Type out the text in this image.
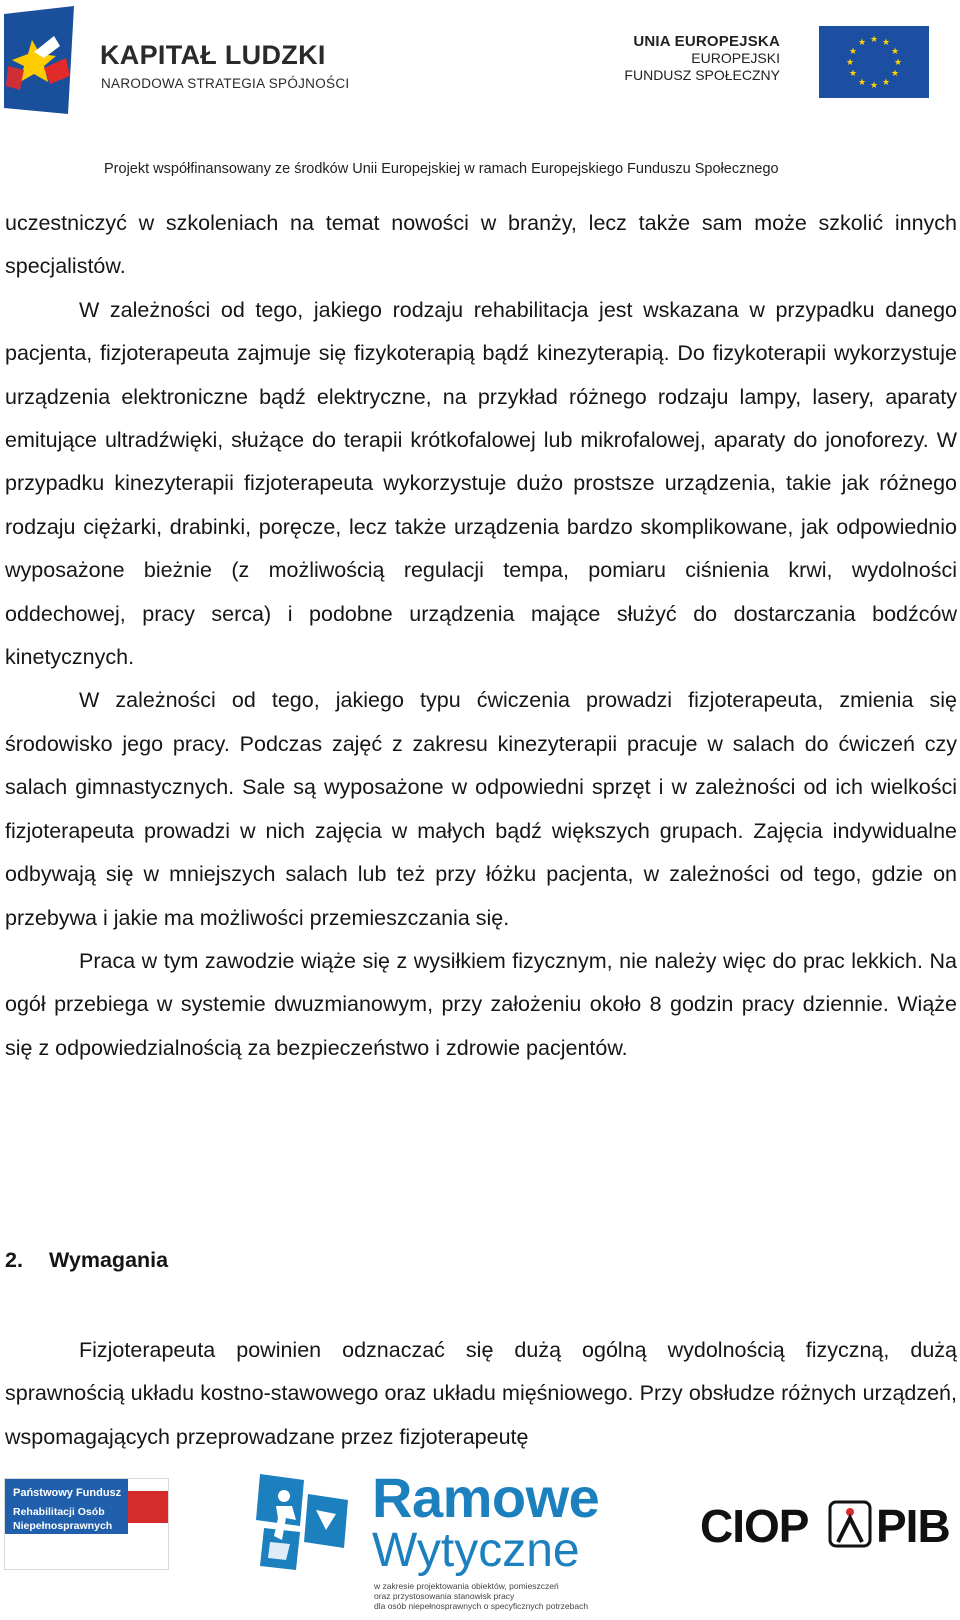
KAPITAŁ LUDZKI
NARODOWA STRATEGIA SPÓJNOŚCI
UNIA EUROPEJSKA
EUROPEJSKI
FUNDUSZ SPOŁECZNY
★ ★
★
★
★
★
★
★
★
★
★
★
Projekt współfinansowany ze środków Unii Europejskiej w ramach Europejskiego Funduszu Społecznego

uczestniczyć w szkoleniach na temat nowości w branży, lecz także sam może szkolić innych specjalistów.

W zależności od tego, jakiego rodzaju rehabilitacja jest wskazana w przypadku danego pacjenta, fizjoterapeuta zajmuje się fizykoterapią bądź kinezyterapią. Do fizykoterapii wykorzystuje urządzenia elektroniczne bądź elektryczne, na przykład różnego rodzaju lampy, lasery, aparaty emitujące ultradźwięki, służące do terapii krótkofalowej lub mikrofalowej, aparaty do jonoforezy. W przypadku kinezyterapii fizjoterapeuta wykorzystuje dużo prostsze urządzenia, takie jak różnego rodzaju ciężarki, drabinki, poręcze, lecz także urządzenia bardzo skomplikowane, jak odpowiednio wyposażone bieżnie (z możliwością regulacji tempa, pomiaru ciśnienia krwi, wydolności oddechowej, pracy serca) i podobne urządzenia mające służyć do dostarczania bodźców kinetycznych.

W zależności od tego, jakiego typu ćwiczenia prowadzi fizjoterapeuta, zmienia się środowisko jego pracy. Podczas zajęć z zakresu kinezyterapii pracuje w salach do ćwiczeń czy salach gimnastycznych. Sale są wyposażone w odpowiedni sprzęt i w zależności od ich wielkości fizjoterapeuta prowadzi w nich zajęcia w małych bądź większych grupach. Zajęcia indywidualne odbywają się w mniejszych salach lub też przy łóżku pacjenta, w zależności od tego, gdzie on przebywa i jakie ma możliwości przemieszczania się.

Praca w tym zawodzie wiąże się z wysiłkiem fizycznym, nie należy więc do prac lekkich. Na ogół przebiega w systemie dwuzmianowym, przy założeniu około 8 godzin pracy dziennie. Wiąże się z odpowiedzialnością za bezpieczeństwo i zdrowie pacjentów.

2. Wymagania

Fizjoterapeuta powinien odznaczać się dużą ogólną wydolnością fizyczną, dużą sprawnością układu kostno-stawowego oraz układu mięśniowego. Przy obsłudze różnych urządzeń, wspomagających przeprowadzane przez fizjoterapeutę

Państwowy Fundusz
Rehabilitacji Osób
Niepełnosprawnych	Ramowe
Wytyczne
w zakresie projektowania obiektów, pomieszczeń
oraz przystosowania stanowisk pracy
dla osób niepełnosprawnych o specyficznych potrzebach
CIOP PIB
